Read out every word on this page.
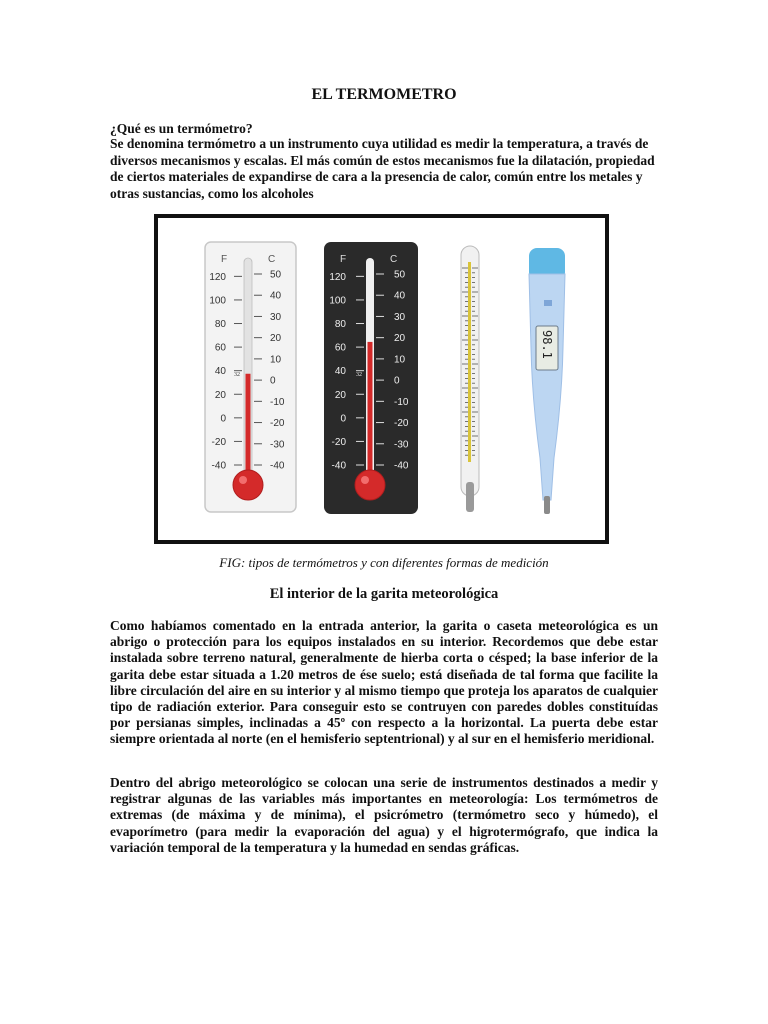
EL TERMOMETRO
¿Qué es un termómetro?
Se denomina termómetro a un instrumento cuya utilidad es medir la temperatura, a través de diversos mecanismos y escalas. El más común de estos mecanismos fue la dilatación, propiedad de ciertos materiales de expandirse de cara a la presencia de calor, común entre los metales y otras sustancias, como los alcoholes
F	C
120
100
80
60
40
20
0
-20
-40
32
50
40
30
20
10
0
-10
-20
-30
-40
F	C
120
100
80
60
40
20
0
-20
-40
32
50
40
30
20
10
0
-10
-20
-30
-40
98.1
FIG: tipos de termómetros y con diferentes formas de medición
El interior de la garita meteorológica
Como habíamos comentado en la entrada anterior, la garita o caseta meteorológica es un abrigo o protección para los equipos instalados en su interior. Recordemos que debe estar instalada sobre terreno natural, generalmente de hierba corta o césped; la base inferior de la garita debe estar situada a 1.20 metros de ése suelo; está diseñada de tal forma que facilite la libre circulación del aire en su interior y al mismo tiempo que proteja los aparatos de cualquier tipo de radiación exterior. Para conseguir esto se contruyen con paredes dobles constituídas por persianas simples, inclinadas a 45º con respecto a la horizontal. La puerta debe estar siempre orientada al norte (en el hemisferio septentrional) y al sur en el hemisferio meridional.
Dentro del abrigo meteorológico se colocan una serie de instrumentos destinados a medir y registrar algunas de las variables más importantes en meteorología: Los termómetros de extremas (de máxima y de mínima), el psicrómetro (termómetro seco y húmedo), el evaporímetro (para medir la evaporación del agua) y el higrotermógrafo, que indica la variación temporal de la temperatura y la humedad en sendas gráficas.
